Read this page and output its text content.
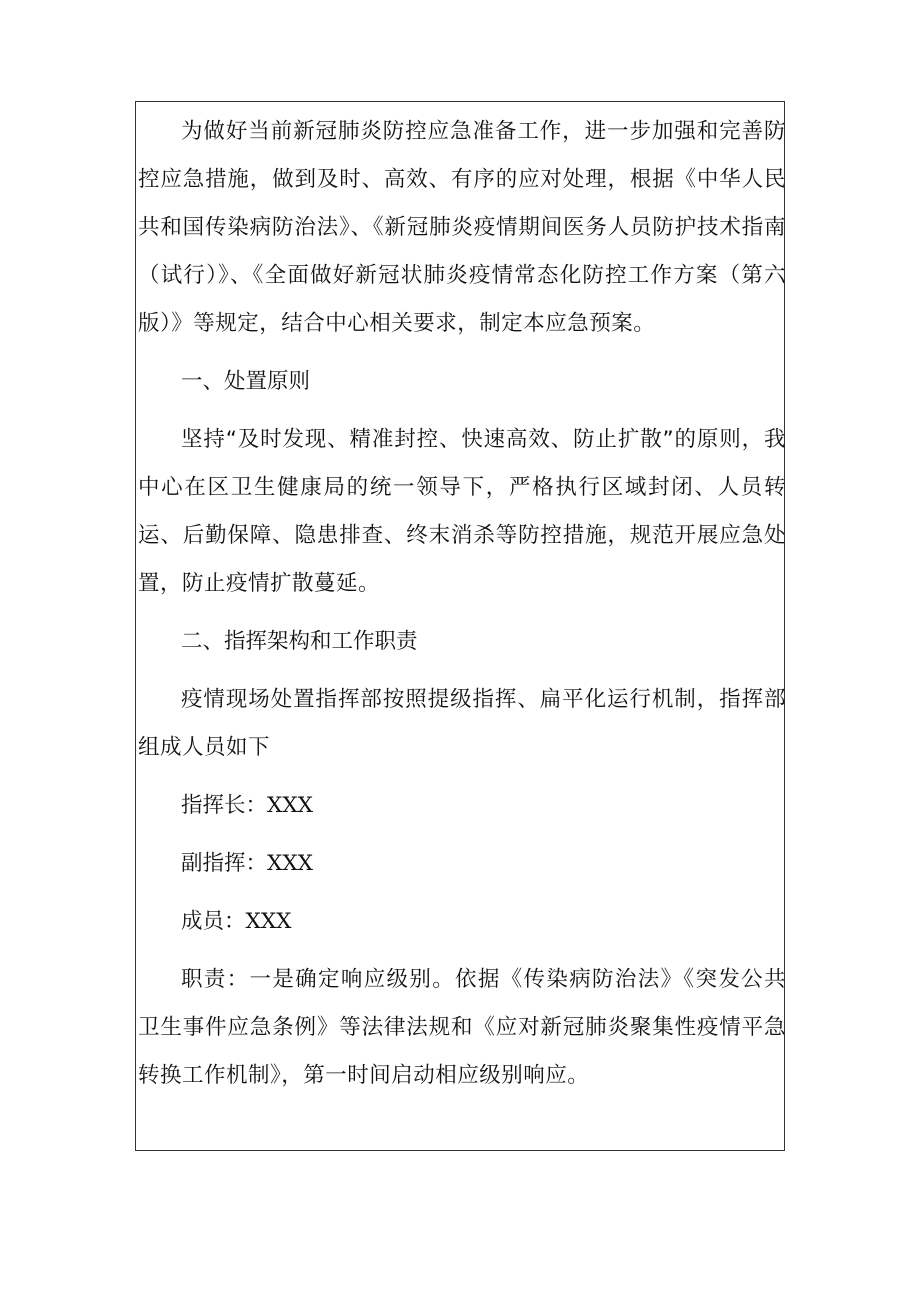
为做好当前新冠肺炎防控应急准备工作，进一步加强和完善防控应急措施，做到及时、高效、有序的应对处理，根据《中华人民共和国传染病防治法》、《新冠肺炎疫情期间医务人员防护技术指南（试行）》、《全面做好新冠状肺炎疫情常态化防控工作方案（第六版）》等规定，结合中心相关要求，制定本应急预案。

一、处置原则

坚持“及时发现、精准封控、快速高效、防止扩散”的原则，我中心在区卫生健康局的统一领导下，严格执行区域封闭、人员转运、后勤保障、隐患排查、终末消杀等防控措施，规范开展应急处置，防止疫情扩散蔓延。

二、指挥架构和工作职责

疫情现场处置指挥部按照提级指挥、扁平化运行机制，指挥部组成人员如下

指挥长：XXX

副指挥：XXX

成员：XXX

职责：一是确定响应级别。依据《传染病防治法》《突发公共卫生事件应急条例》等法律法规和《应对新冠肺炎聚集性疫情平急转换工作机制》，第一时间启动相应级别响应。
